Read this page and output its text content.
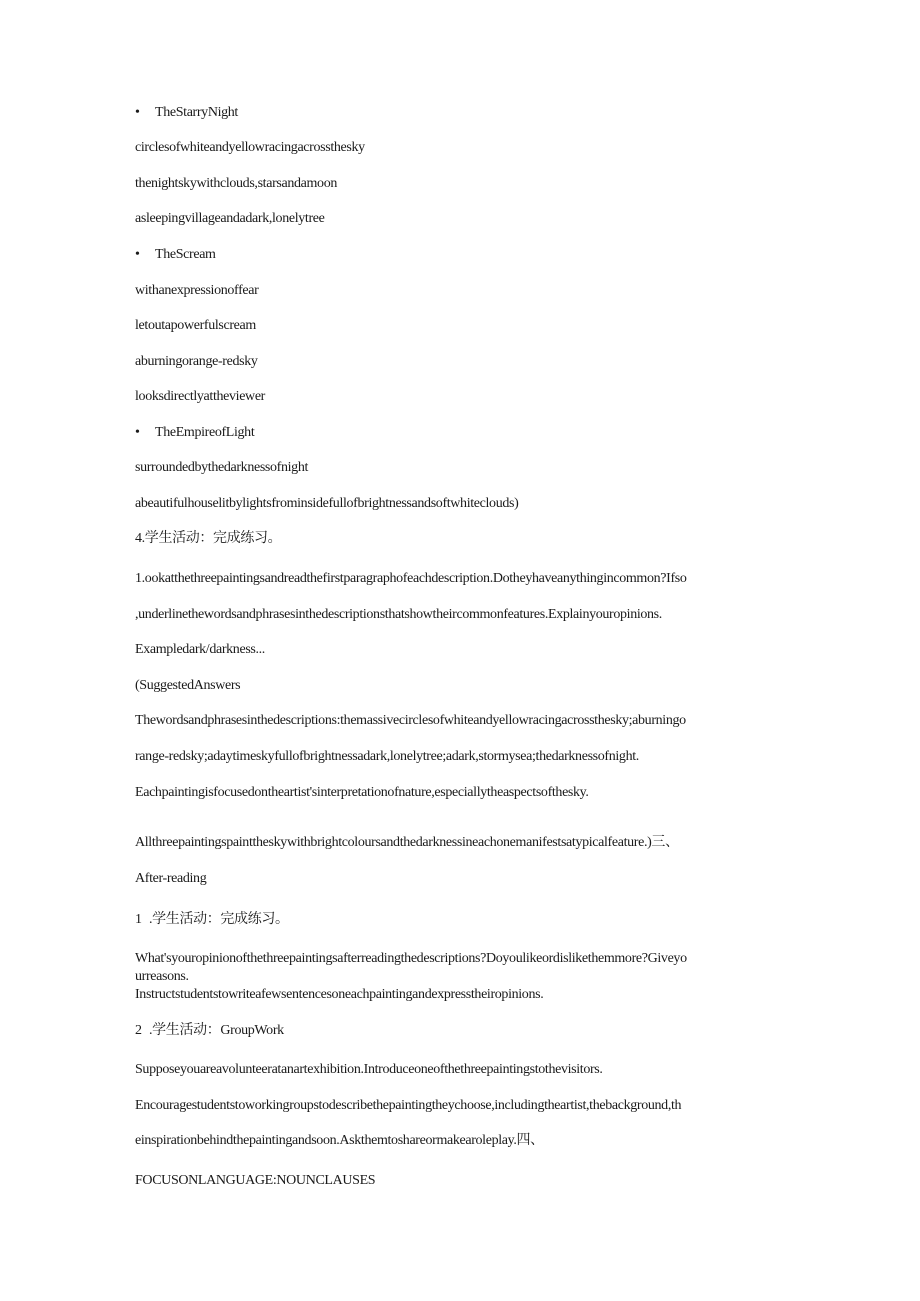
• TheStarryNight
circlesofwhiteandyellowracingacrossthesky
thenightskywithclouds,starsandamoon
asleepingvillageandadark,lonelytree
• TheScream
withanexpressionoffear
letoutapowerfulscream
aburningorange-redsky
looksdirectlyattheviewer
• TheEmpireofLight
surroundedbythedarknessofnight
abeautifulhouselitbylightsfrominsidefullofbrightnessandsoftwhiteclouds)
4.学生活动：完成练习。
1.ookatthethreepaintingsandreadthefirstparagraphofeachdescription.Dotheyhaveanythingincommon?Ifso
,underlinethewordsandphrasesinthedescriptionsthatshowtheircommonfeatures.Explainyouropinions.
Exampledark/darkness...
(SuggestedAnswers
Thewordsandphrasesinthedescriptions:themassivecirclesofwhiteandyellowracingacrossthesky;aburningo
range-redsky;adaytimeskyfullofbrightnessadark,lonelytree;adark,stormysea;thedarknessofnight.
Eachpaintingisfocusedontheartist'sinterpretationofnature,especiallytheaspectsofthesky.
Allthreepaintingspainttheskywithbrightcoloursandthedarknessineachonemanifestsatypicalfeature.)三、
After-reading
1 .学生活动：完成练习。
What'syouropinionofthethreepaintingsafterreadingthedescriptions?Doyoulikeordislikethemmore?Giveyo
urreasons.
Instructstudentstowriteafewsentencesoneachpaintingandexpresstheiropinions.
2 .学生活动：GroupWork
Supposeyouareavolunteeratanartexhibition.Introduceoneofthethreepaintingstothevisitors.
Encouragestudentstoworkingroupstodescribethepaintingtheychoose,includingtheartist,thebackground,th
einspirationbehindthepaintingandsoon.Askthemtoshareormakearoleplay.四、
FOCUSONLANGUAGE:NOUNCLAUSES
